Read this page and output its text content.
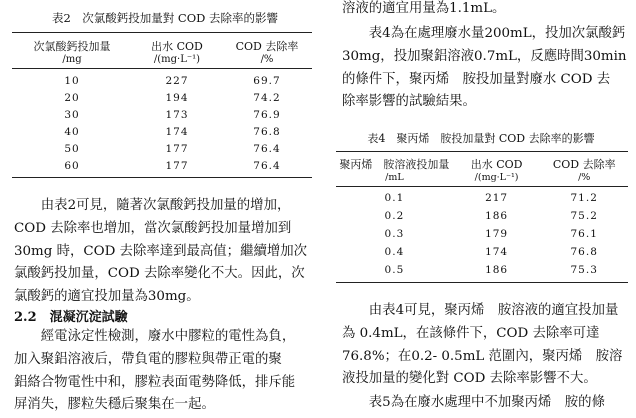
表2　次氯酸鈣投加量對 COD 去除率的影響
次氯酸鈣投加量	出水 COD	COD 去除率
/mg	/(mg·L⁻¹)	/%
10	227	69.7
20	194	74.2
30	173	76.9
40	174	76.8
50	177	76.4
60	177	76.4
由表2可見，隨著次氯酸鈣投加量的增加，
COD 去除率也增加，當次氯酸鈣投加量增加到
30mg 時，COD 去除率達到最高值；繼續增加次
氯酸鈣投加量，COD 去除率變化不大。因此，次
氯酸鈣的適宜投加量為30mg。
2.2　混凝沉淀試驗
經電泳定性檢測，廢水中膠粒的電性為負，
加入聚鋁溶液后，帶負電的膠粒與帶正電的聚
鋁絡合物電性中和，膠粒表面電勢降低，排斥能
屏消失，膠粒失穩后聚集在一起。
溶液的適宜用量為1.1mL。
表4為在處理廢水量200mL，投加次氯酸鈣
30mg，投加聚鋁溶液0.7mL，反應時間30min
的條件下，聚丙烯　胺投加量對廢水 COD 去
除率影響的試驗結果。
表4　聚丙烯　胺投加量對 COD 去除率的影響
聚丙烯　胺溶液投加量	出水 COD	COD 去除率
/mL	/(mg·L⁻¹)	/%
0.1	217	71.2
0.2	186	75.2
0.3	179	76.1
0.4	174	76.8
0.5	186	75.3
由表4可見，聚丙烯　胺溶液的適宜投加量
為 0.4mL，在該條件下，COD 去除率可達
76.8%；在0.2- 0.5mL 范圍內，聚丙烯　胺溶
液投加量的變化對 COD 去除率影響不大。
表5為在廢水處理中不加聚丙烯　胺的條
